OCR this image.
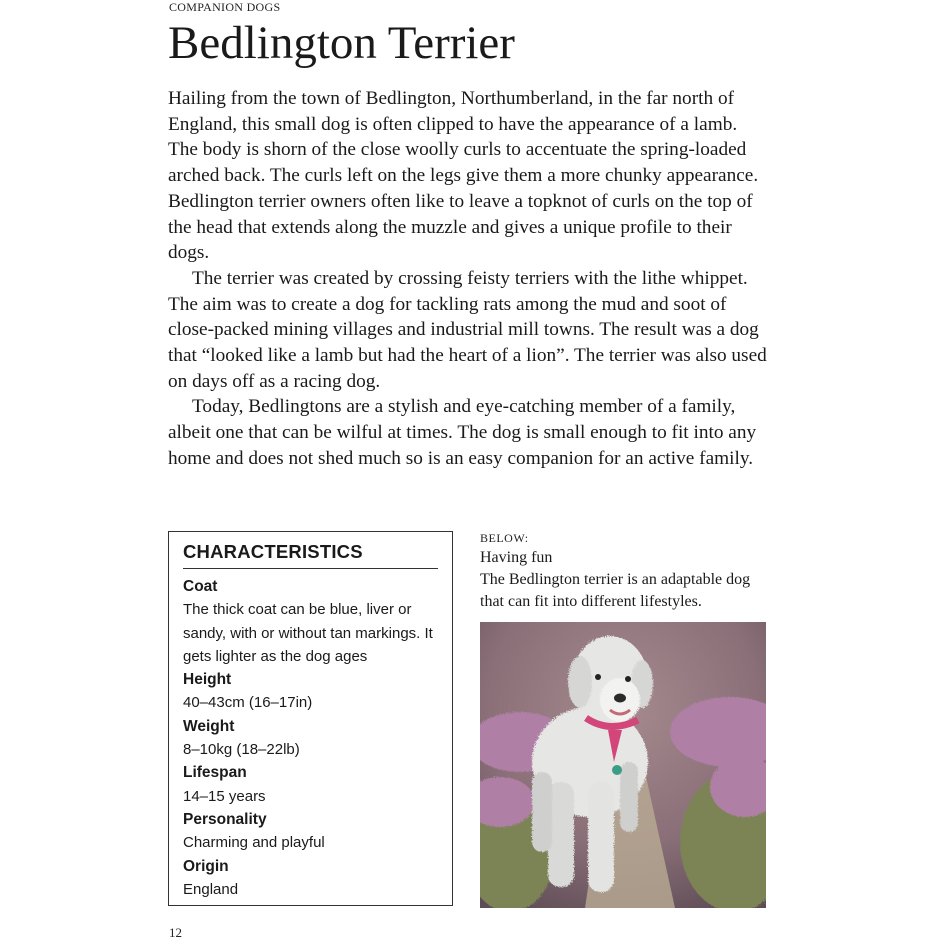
COMPANION DOGS
Bedlington Terrier

Hailing from the town of Bedlington, Northumberland, in the far north of England, this small dog is often clipped to have the appearance of a lamb. The body is shorn of the close woolly curls to accentuate the spring-loaded arched back. The curls left on the legs give them a more chunky appearance. Bedlington terrier owners often like to leave a topknot of curls on the top of the head that extends along the muzzle and gives a unique profile to their dogs.

The terrier was created by crossing feisty terriers with the lithe whippet. The aim was to create a dog for tackling rats among the mud and soot of close-packed mining villages and industrial mill towns. The result was a dog that “looked like a lamb but had the heart of a lion”. The terrier was also used on days off as a racing dog.

Today, Bedlingtons are a stylish and eye-catching member of a family, albeit one that can be wilful at times. The dog is small enough to fit into any home and does not shed much so is an easy companion for an active family.

CHARACTERISTICS
Coat
The thick coat can be blue, liver or sandy, with or without tan markings. It gets lighter as the dog ages
Height
40–43cm (16–17in)
Weight
8–10kg (18–22lb)
Lifespan
14–15 years
Personality
Charming and playful
Origin
England
BELOW:
Having fun
The Bedlington terrier is an adaptable dog that can fit into different lifestyles.
12
